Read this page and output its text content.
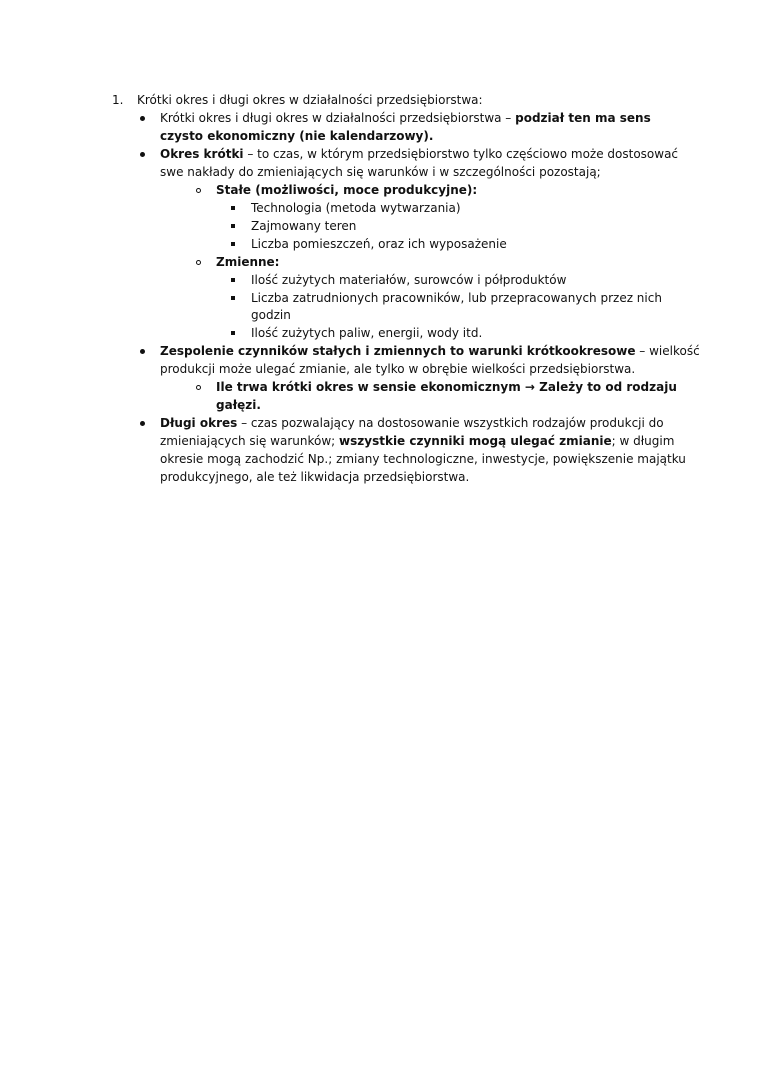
1. Krótki okres i długi okres w działalności przedsiębiorstwa:
Krótki okres i długi okres w działalności przedsiębiorstwa – podział ten ma sens
czysto ekonomiczny (nie kalendarzowy).
Okres krótki – to czas, w którym przedsiębiorstwo tylko częściowo może dostosować
swe nakłady do zmieniających się warunków i w szczególności pozostają;
Stałe (możliwości, moce produkcyjne):
Technologia (metoda wytwarzania)
Zajmowany teren
Liczba pomieszczeń, oraz ich wyposażenie
Zmienne:
Ilość zużytych materiałów, surowców i półproduktów
Liczba zatrudnionych pracowników, lub przepracowanych przez nich
godzin
Ilość zużytych paliw, energii, wody itd.
Zespolenie czynników stałych i zmiennych to warunki krótkookresowe – wielkość
produkcji może ulegać zmianie, ale tylko w obrębie wielkości przedsiębiorstwa.
Ile trwa krótki okres w sensie ekonomicznym → Zależy to od rodzaju
gałęzi.
Długi okres – czas pozwalający na dostosowanie wszystkich rodzajów produkcji do
zmieniających się warunków; wszystkie czynniki mogą ulegać zmianie; w długim
okresie mogą zachodzić Np.; zmiany technologiczne, inwestycje, powiększenie majątku
produkcyjnego, ale też likwidacja przedsiębiorstwa.
